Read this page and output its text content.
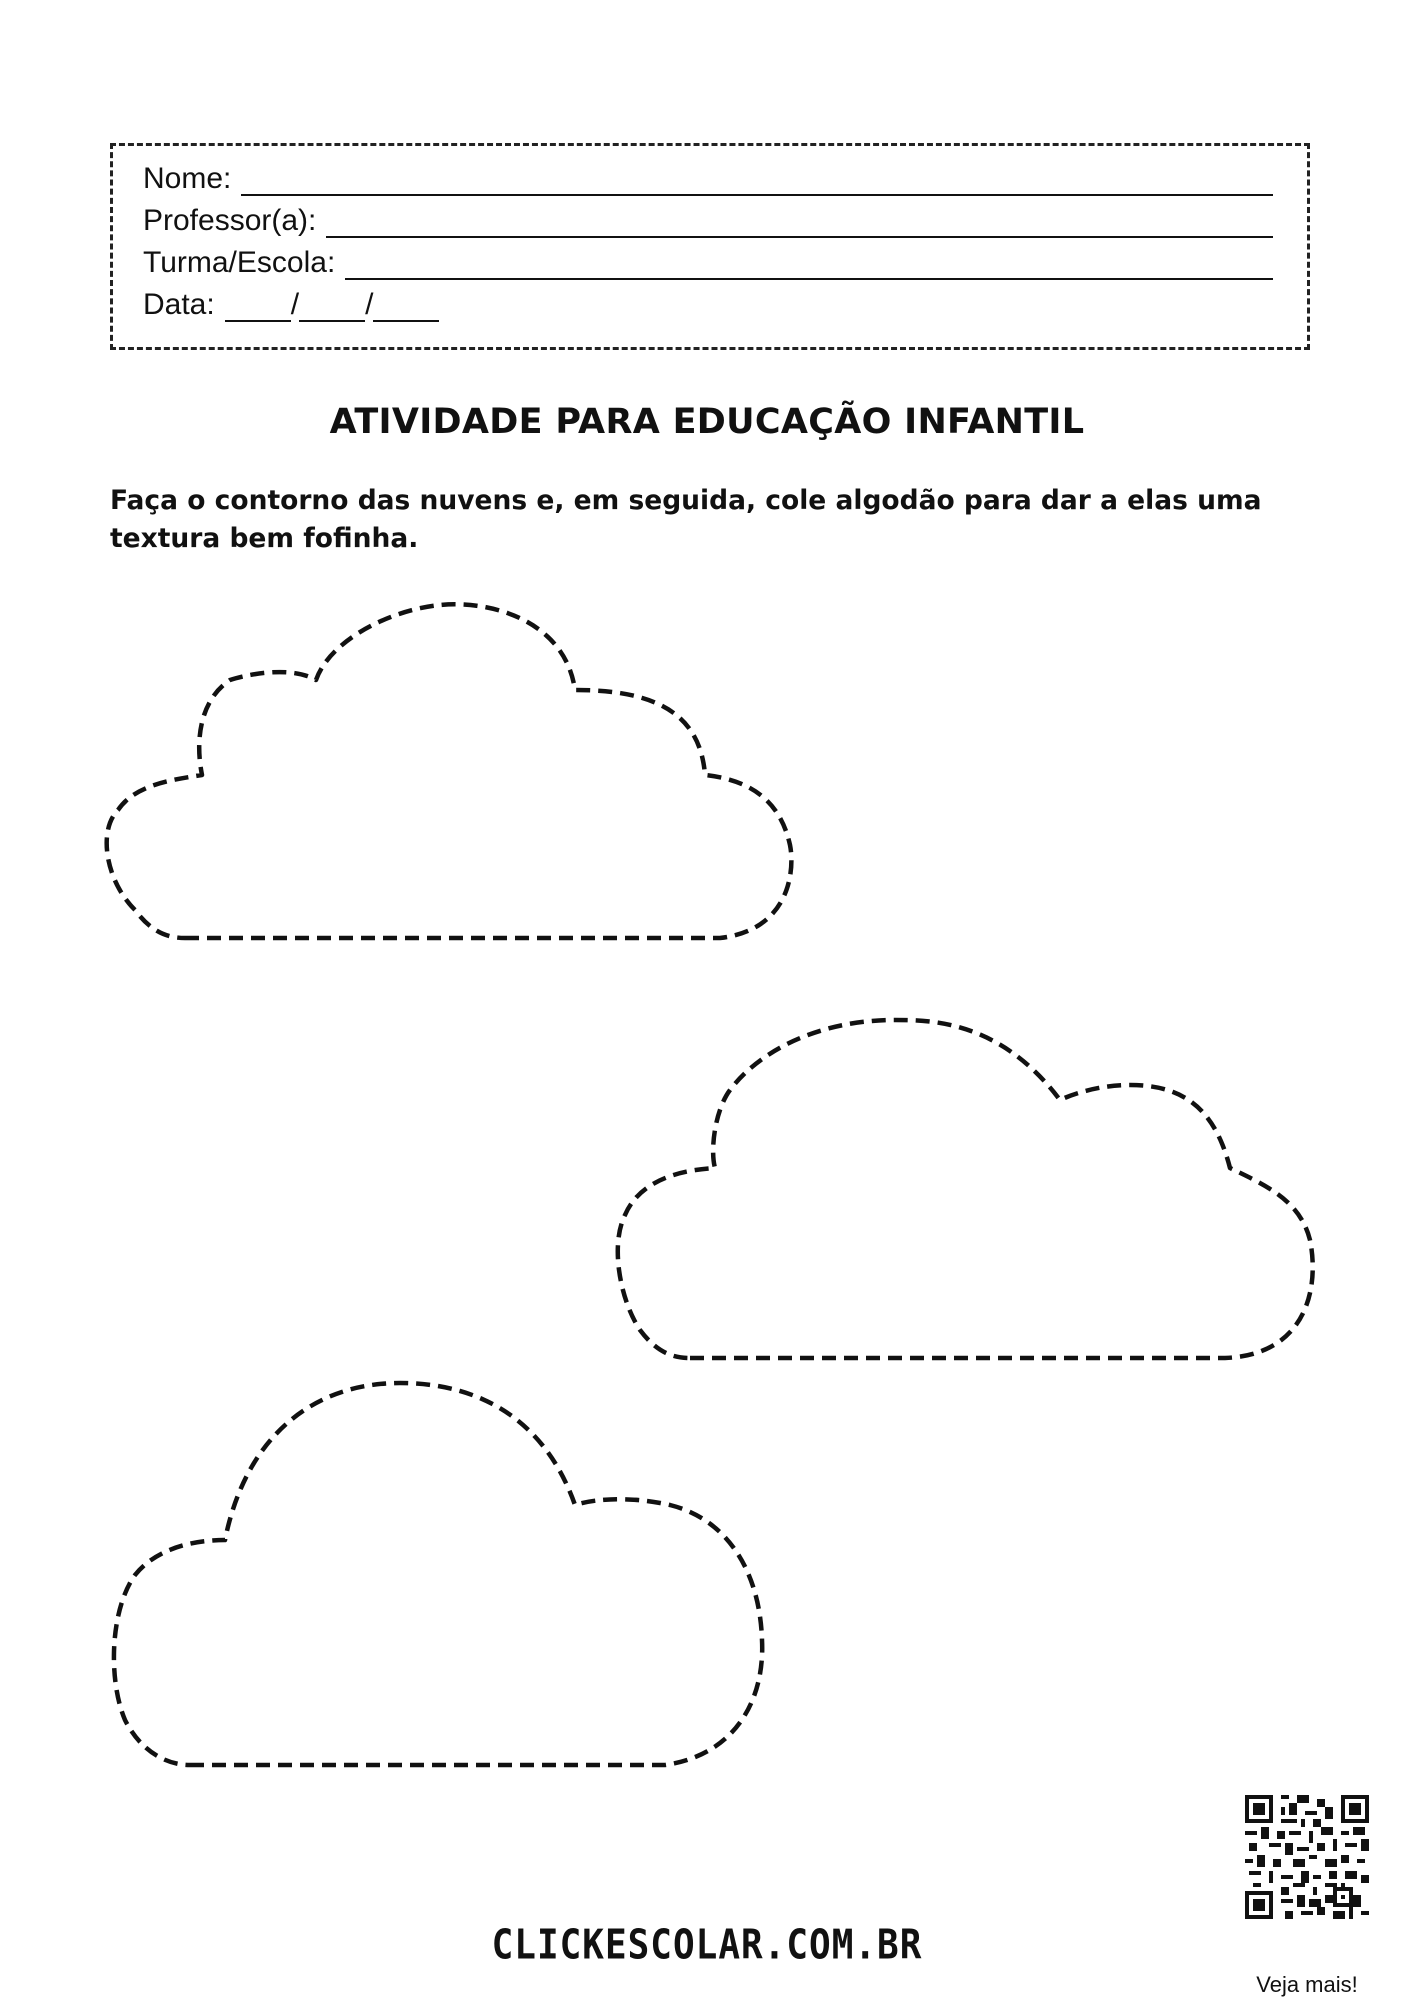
Nome:
Professor(a):
Turma/Escola:
Data:	/ /
ATIVIDADE PARA EDUCAÇÃO INFANTIL
Faça o contorno das nuvens e, em seguida, cole algodão para dar a elas uma textura bem fofinha.
CLICKESCOLAR.COM.BR
Veja mais!
